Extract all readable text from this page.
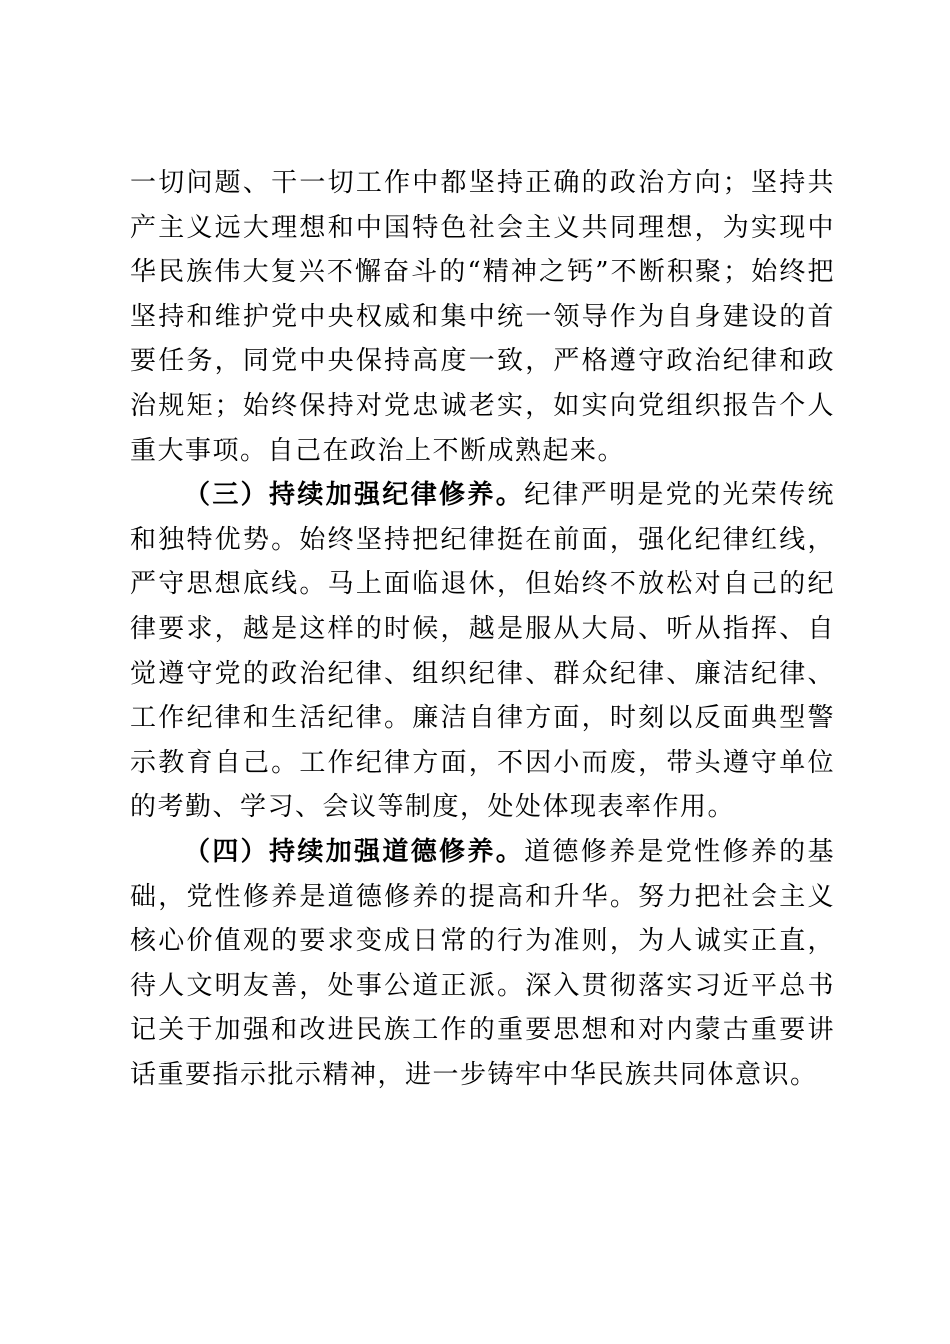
一切问题、干一切工作中都坚持正确的政治方向；坚持共产主义远大理想和中国特色社会主义共同理想，为实现中华民族伟大复兴不懈奋斗的“精神之钙”不断积聚；始终把坚持和维护党中央权威和集中统一领导作为自身建设的首要任务，同党中央保持高度一致，严格遵守政治纪律和政治规矩；始终保持对党忠诚老实，如实向党组织报告个人重大事项。自己在政治上不断成熟起来。

（三）持续加强纪律修养。纪律严明是党的光荣传统和独特优势。始终坚持把纪律挺在前面，强化纪律红线，严守思想底线。马上面临退休，但始终不放松对自己的纪律要求，越是这样的时候，越是服从大局、听从指挥、自觉遵守党的政治纪律、组织纪律、群众纪律、廉洁纪律、工作纪律和生活纪律。廉洁自律方面，时刻以反面典型警示教育自己。工作纪律方面，不因小而废，带头遵守单位的考勤、学习、会议等制度，处处体现表率作用。

（四）持续加强道德修养。道德修养是党性修养的基础，党性修养是道德修养的提高和升华。努力把社会主义核心价值观的要求变成日常的行为准则，为人诚实正直，待人文明友善，处事公道正派。深入贯彻落实习近平总书记关于加强和改进民族工作的重要思想和对内蒙古重要讲话重要指示批示精神，进一步铸牢中华民族共同体意识。
